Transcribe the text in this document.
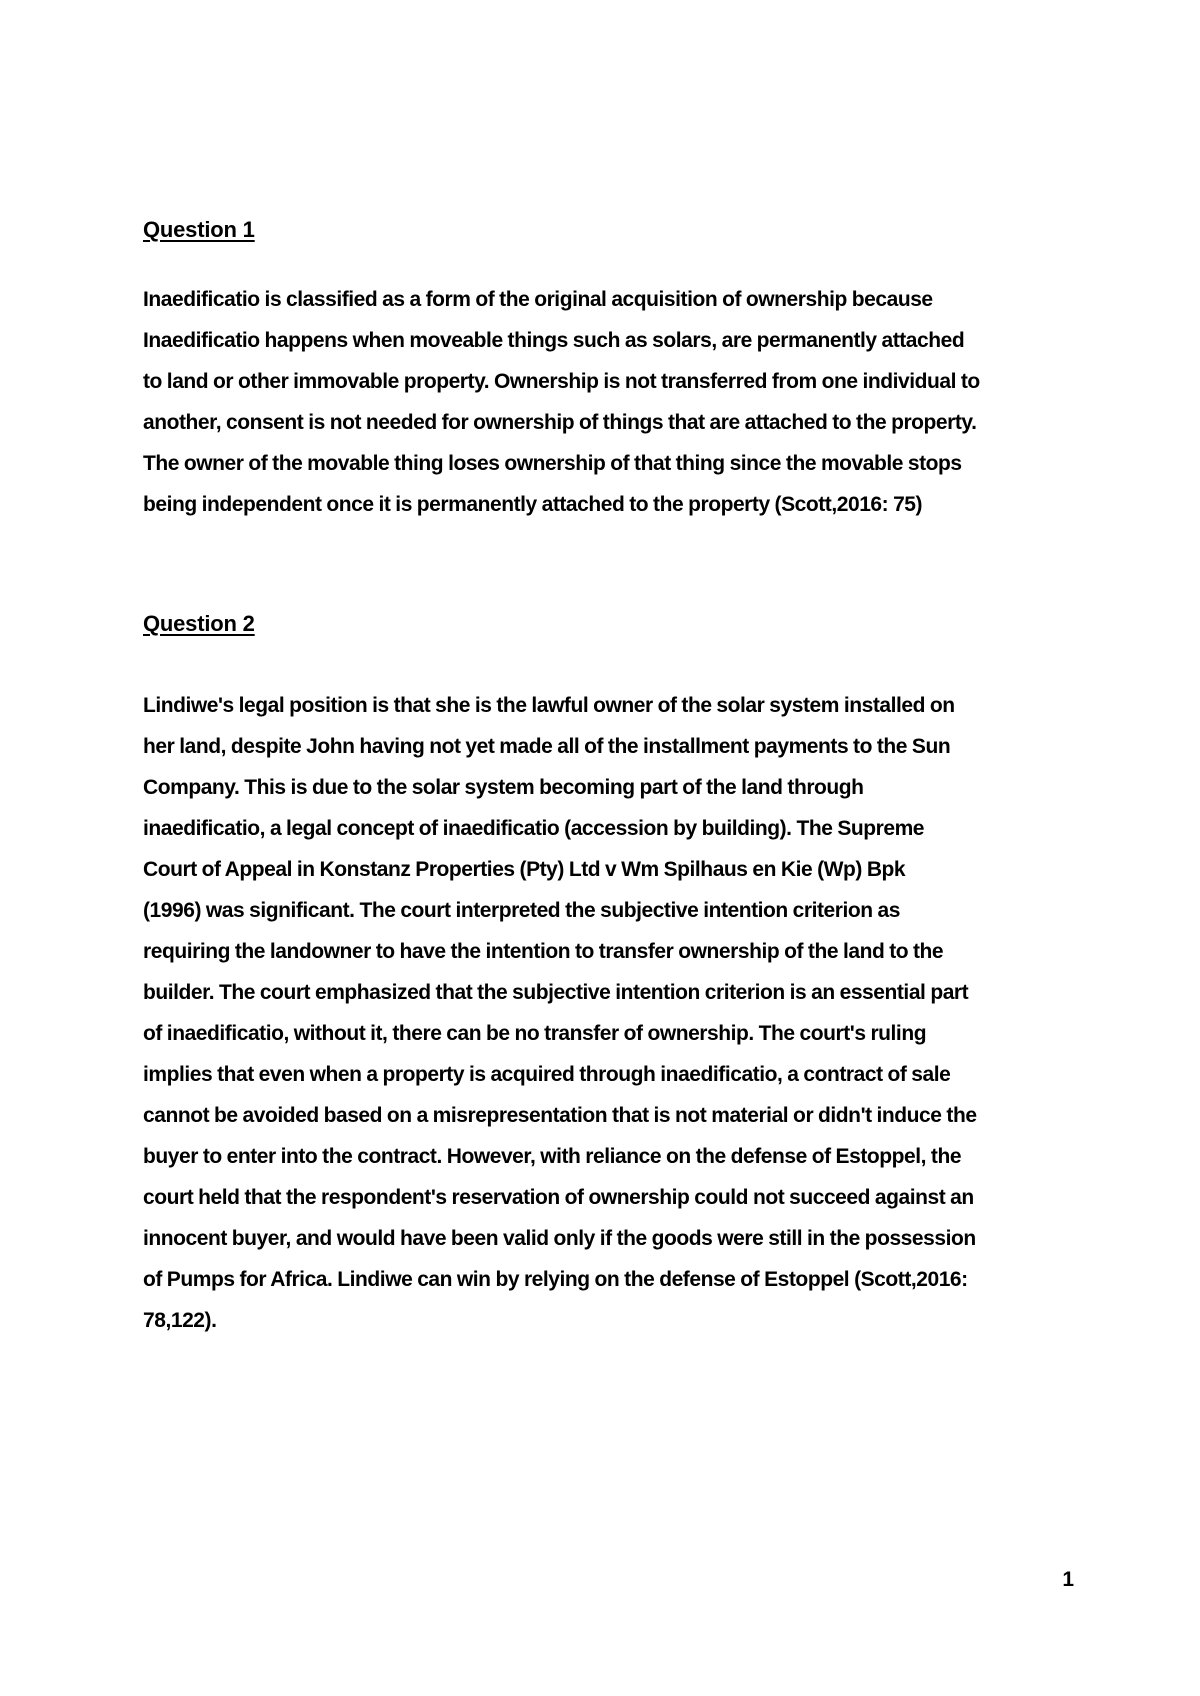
Question 1

Inaedificatio is classified as a form of the original acquisition of ownership because
Inaedificatio happens when moveable things such as solars, are permanently attached
to land or other immovable property. Ownership is not transferred from one individual to
another, consent is not needed for ownership of things that are attached to the property.
The owner of the movable thing loses ownership of that thing since the movable stops
being independent once it is permanently attached to the property (Scott,2016: 75)

Question 2

Lindiwe's legal position is that she is the lawful owner of the solar system installed on
her land, despite John having not yet made all of the installment payments to the Sun
Company. This is due to the solar system becoming part of the land through
inaedificatio, a legal concept of inaedificatio (accession by building). The Supreme
Court of Appeal in Konstanz Properties (Pty) Ltd v Wm Spilhaus en Kie (Wp) Bpk
(1996) was significant. The court interpreted the subjective intention criterion as
requiring the landowner to have the intention to transfer ownership of the land to the
builder. The court emphasized that the subjective intention criterion is an essential part
of inaedificatio, without it, there can be no transfer of ownership. The court's ruling
implies that even when a property is acquired through inaedificatio, a contract of sale
cannot be avoided based on a misrepresentation that is not material or didn't induce the
buyer to enter into the contract. However, with reliance on the defense of Estoppel, the
court held that the respondent's reservation of ownership could not succeed against an
innocent buyer, and would have been valid only if the goods were still in the possession
of Pumps for Africa. Lindiwe can win by relying on the defense of Estoppel (Scott,2016:
78,122).

1
